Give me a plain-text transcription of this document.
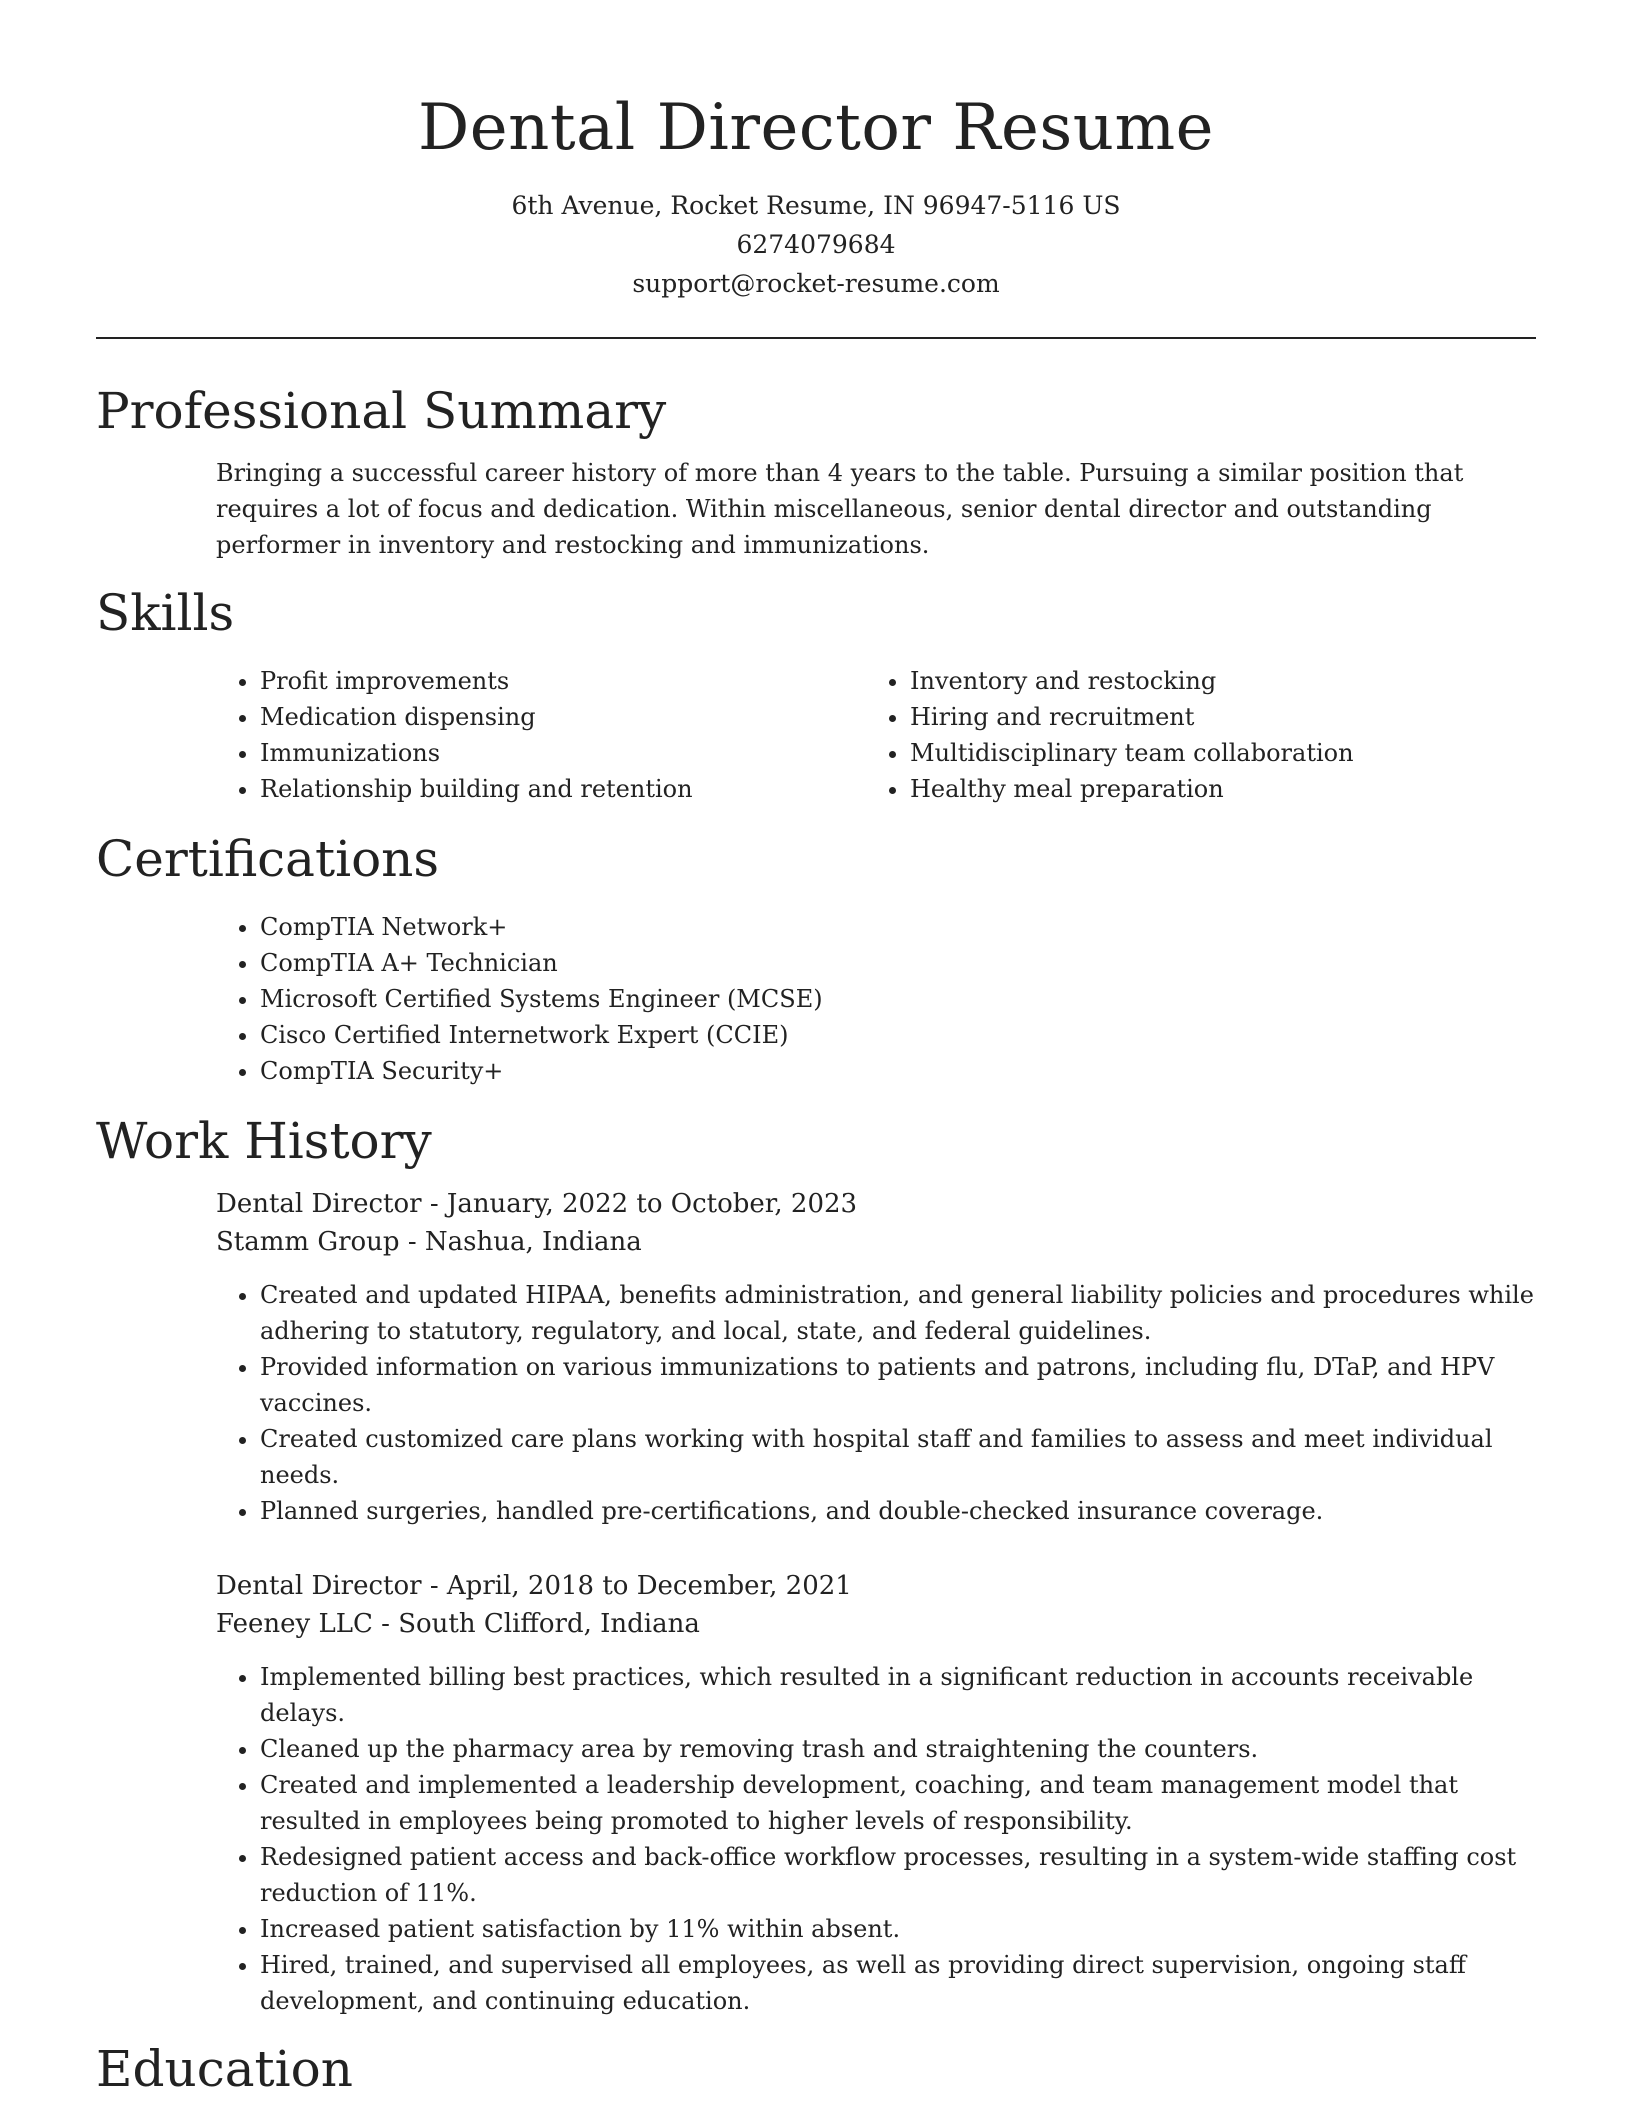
Dental Director Resume
6th Avenue, Rocket Resume, IN 96947-5116 US
6274079684
support@rocket-resume.com
Professional Summary

Bringing a successful career history of more than 4 years to the table. Pursuing a similar position that requires a lot of focus and dedication. Within miscellaneous, senior dental director and outstanding performer in inventory and restocking and immunizations.

Skills
• Profit improvements
• Medication dispensing
• Immunizations
• Relationship building and retention
• Inventory and restocking
• Hiring and recruitment
• Multidisciplinary team collaboration
• Healthy meal preparation
Certifications
• CompTIA Network+
• CompTIA A+ Technician
• Microsoft Certified Systems Engineer (MCSE)
• Cisco Certified Internetwork Expert (CCIE)
• CompTIA Security+
Work History
Dental Director - January, 2022 to October, 2023
Stamm Group - Nashua, Indiana
• Created and updated HIPAA, benefits administration, and general liability policies and procedures while adhering to statutory, regulatory, and local, state, and federal guidelines.
• Provided information on various immunizations to patients and patrons, including flu, DTaP, and HPV vaccines.
• Created customized care plans working with hospital staff and families to assess and meet individual needs.
• Planned surgeries, handled pre-certifications, and double-checked insurance coverage.
Dental Director - April, 2018 to December, 2021
Feeney LLC - South Clifford, Indiana
• Implemented billing best practices, which resulted in a significant reduction in accounts receivable delays.
• Cleaned up the pharmacy area by removing trash and straightening the counters.
• Created and implemented a leadership development, coaching, and team management model that resulted in employees being promoted to higher levels of responsibility.
• Redesigned patient access and back-office workflow processes, resulting in a system-wide staffing cost reduction of 11%.
• Increased patient satisfaction by 11% within absent.
• Hired, trained, and supervised all employees, as well as providing direct supervision, ongoing staff development, and continuing education.
Education
